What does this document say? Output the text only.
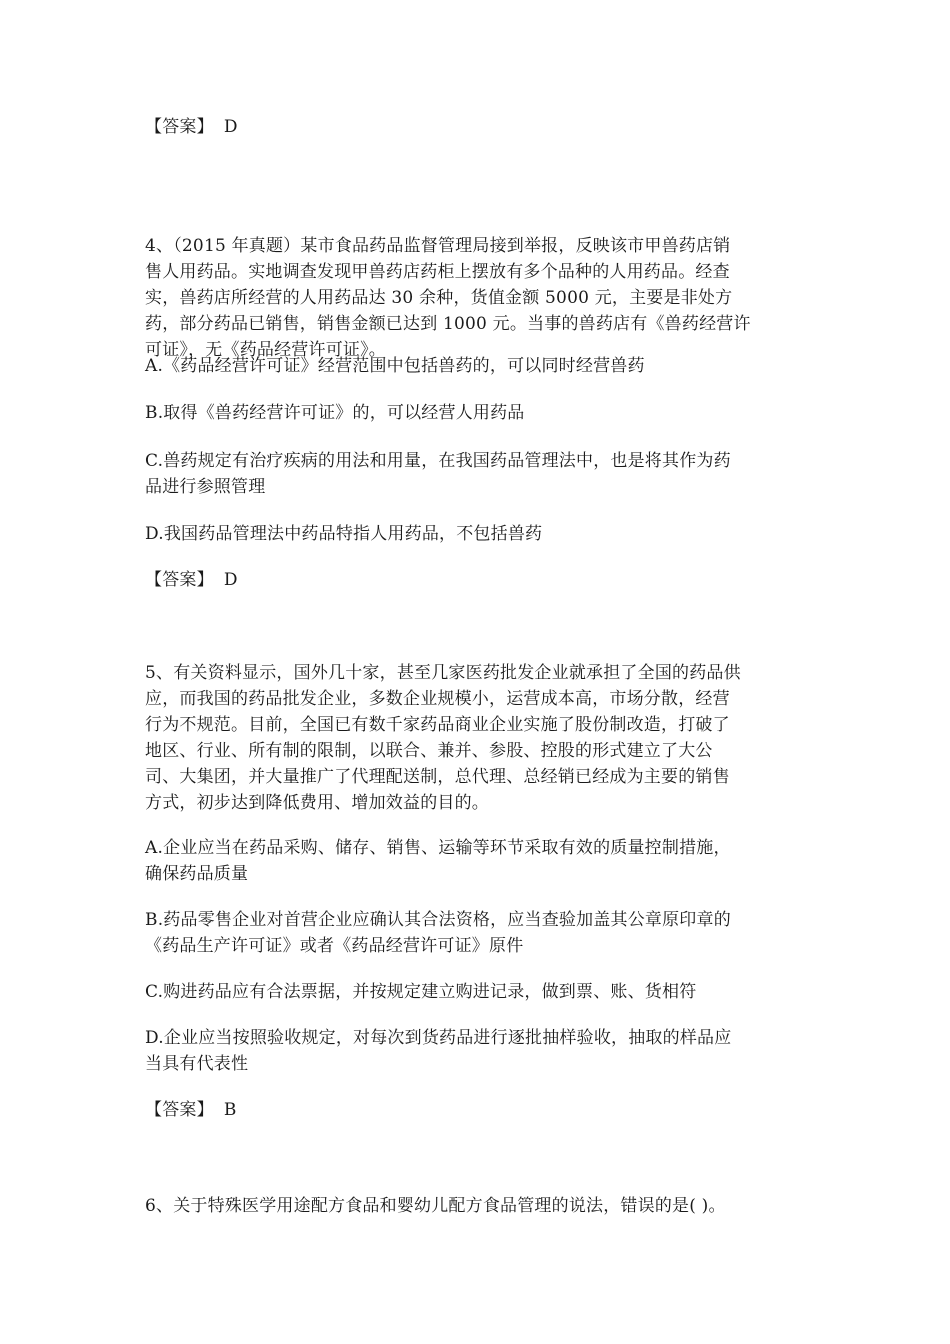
【答案】 D
4、（2015 年真题）某市食品药品监督管理局接到举报，反映该市甲兽药店销
售人用药品。实地调查发现甲兽药店药柜上摆放有多个品种的人用药品。经查
实，兽药店所经营的人用药品达 30 余种，货值金额 5000 元，主要是非处方
药，部分药品已销售，销售金额已达到 1000 元。当事的兽药店有《兽药经营许
可证》，无《药品经营许可证》。
A.《药品经营许可证》经营范围中包括兽药的，可以同时经营兽药
B.取得《兽药经营许可证》的，可以经营人用药品
C.兽药规定有治疗疾病的用法和用量，在我国药品管理法中，也是将其作为药
品进行参照管理
D.我国药品管理法中药品特指人用药品，不包括兽药
【答案】 D
5、有关资料显示，国外几十家，甚至几家医药批发企业就承担了全国的药品供
应，而我国的药品批发企业，多数企业规模小，运营成本高，市场分散，经营
行为不规范。目前，全国已有数千家药品商业企业实施了股份制改造，打破了
地区、行业、所有制的限制，以联合、兼并、参股、控股的形式建立了大公
司、大集团，并大量推广了代理配送制，总代理、总经销已经成为主要的销售
方式，初步达到降低费用、增加效益的目的。
A.企业应当在药品采购、储存、销售、运输等环节采取有效的质量控制措施，
确保药品质量
B.药品零售企业对首营企业应确认其合法资格，应当查验加盖其公章原印章的
《药品生产许可证》或者《药品经营许可证》原件
C.购进药品应有合法票据，并按规定建立购进记录，做到票、账、货相符
D.企业应当按照验收规定，对每次到货药品进行逐批抽样验收，抽取的样品应
当具有代表性
【答案】 B
6、关于特殊医学用途配方食品和婴幼儿配方食品管理的说法，错误的是( )。
